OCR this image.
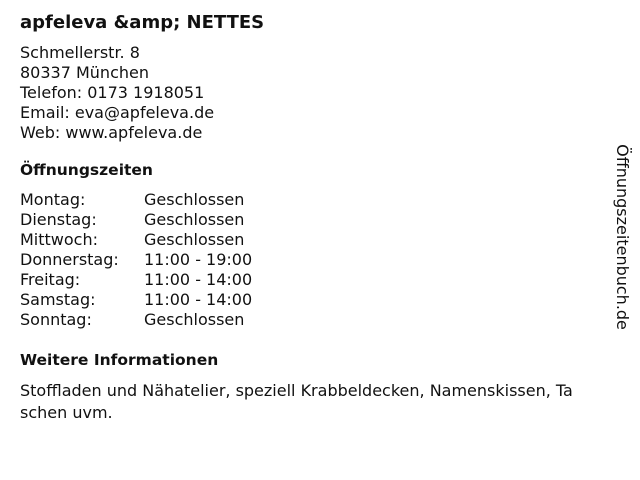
apfeleva &amp; NETTES
Schmellerstr. 8
80337 München
Telefon: 0173 1918051
Email: eva@apfeleva.de
Web: www.apfeleva.de
Öffnungszeiten
Montag:	Geschlossen
Dienstag:	Geschlossen
Mittwoch:	Geschlossen
Donnerstag:	11:00 - 19:00
Freitag:	11:00 - 14:00
Samstag:	11:00 - 14:00
Sonntag:	Geschlossen
Weitere Informationen
Stoffladen und Nähatelier, speziell Krabbeldecken, Namenskissen, Ta
schen uvm.
Öffnungszeitenbuch.de
